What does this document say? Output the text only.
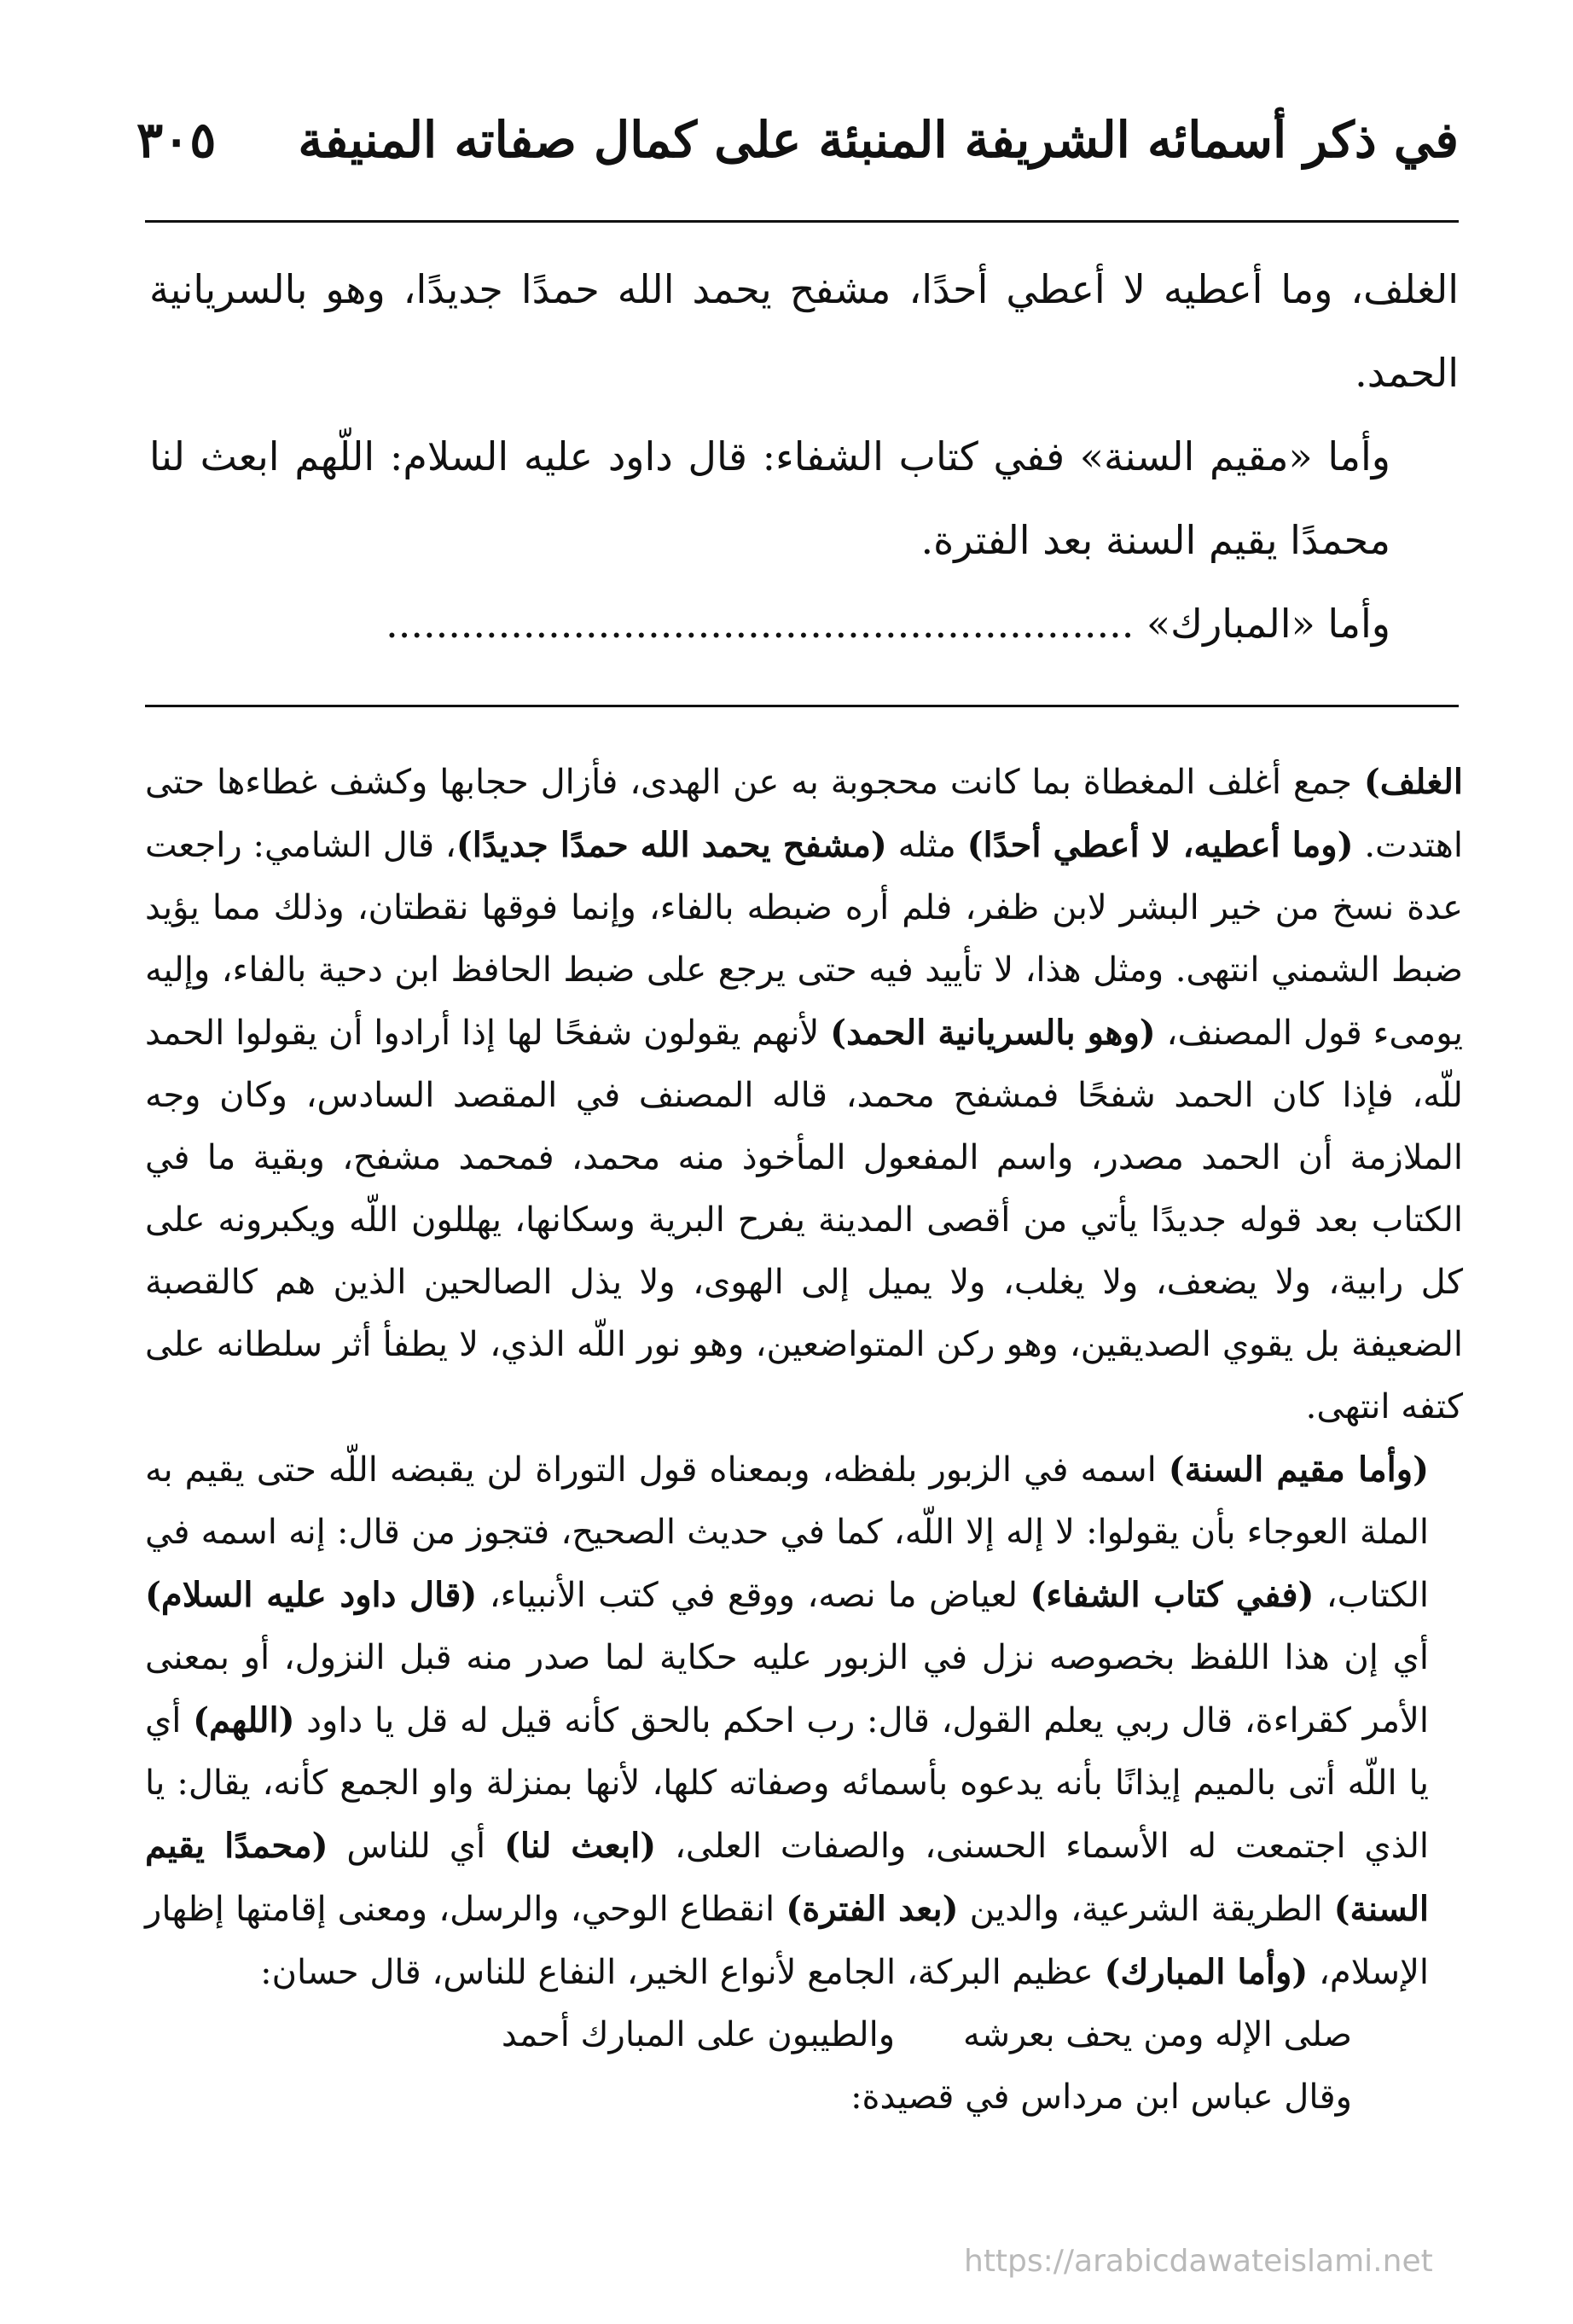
في ذكر أسمائه الشريفة المنبئة على كمال صفاته المنيفة
٣٠٥

الغلف، وما أعطيه لا أعطي أحدًا، مشفح يحمد الله حمدًا جديدًا، وهو بالسريانية الحمد.

وأما «مقيم السنة» ففي كتاب الشفاء: قال داود عليه السلام: اللّهم ابعث لنا محمدًا يقيم السنة بعد الفترة.

وأما «المبارك» ............................................................

الغلف) جمع أغلف المغطاة بما كانت محجوبة به عن الهدى، فأزال حجابها وكشف غطاءها حتى اهتدت. (وما أعطيه، لا أعطي أحدًا) مثله (مشفح يحمد الله حمدًا جديدًا)، قال الشامي: راجعت عدة نسخ من خير البشر لابن ظفر، فلم أره ضبطه بالفاء، وإنما فوقها نقطتان، وذلك مما يؤيد ضبط الشمني انتهى. ومثل هذا، لا تأييد فيه حتى يرجع على ضبط الحافظ ابن دحية بالفاء، وإليه يومىء قول المصنف، (وهو بالسريانية الحمد) لأنهم يقولون شفحًا لها إذا أرادوا أن يقولوا الحمد للّه، فإذا كان الحمد شفحًا فمشفح محمد، قاله المصنف في المقصد السادس، وكان وجه الملازمة أن الحمد مصدر، واسم المفعول المأخوذ منه محمد، فمحمد مشفح، وبقية ما في الكتاب بعد قوله جديدًا يأتي من أقصى المدينة يفرح البرية وسكانها، يهللون اللّه ويكبرونه على كل رابية، ولا يضعف، ولا يغلب، ولا يميل إلى الهوى، ولا يذل الصالحين الذين هم كالقصبة الضعيفة بل يقوي الصديقين، وهو ركن المتواضعين، وهو نور اللّه الذي، لا يطفأ أثر سلطانه على كتفه انتهى.

(وأما مقيم السنة) اسمه في الزبور بلفظه، وبمعناه قول التوراة لن يقبضه اللّه حتى يقيم به الملة العوجاء بأن يقولوا: لا إله إلا اللّه، كما في حديث الصحيح، فتجوز من قال: إنه اسمه في الكتاب، (ففي كتاب الشفاء) لعياض ما نصه، ووقع في كتب الأنبياء، (قال داود عليه السلام) أي إن هذا اللفظ بخصوصه نزل في الزبور عليه حكاية لما صدر منه قبل النزول، أو بمعنى الأمر كقراءة، قال ربي يعلم القول، قال: رب احكم بالحق كأنه قيل له قل يا داود (اللهم) أي يا اللّه أتى بالميم إيذانًا بأنه يدعوه بأسمائه وصفاته كلها، لأنها بمنزلة واو الجمع كأنه، يقال: يا الذي اجتمعت له الأسماء الحسنى، والصفات العلى، (ابعث لنا) أي للناس (محمدًا يقيم السنة) الطريقة الشرعية، والدين (بعد الفترة) انقطاع الوحي، والرسل، ومعنى إقامتها إظهار الإسلام، (وأما المبارك) عظيم البركة، الجامع لأنواع الخير، النفاع للناس، قال حسان:

صلى الإله ومن يحف بعرشه
والطيبون على المبارك أحمد

وقال عباس ابن مرداس في قصيدة:

https://arabicdawateislami.net
